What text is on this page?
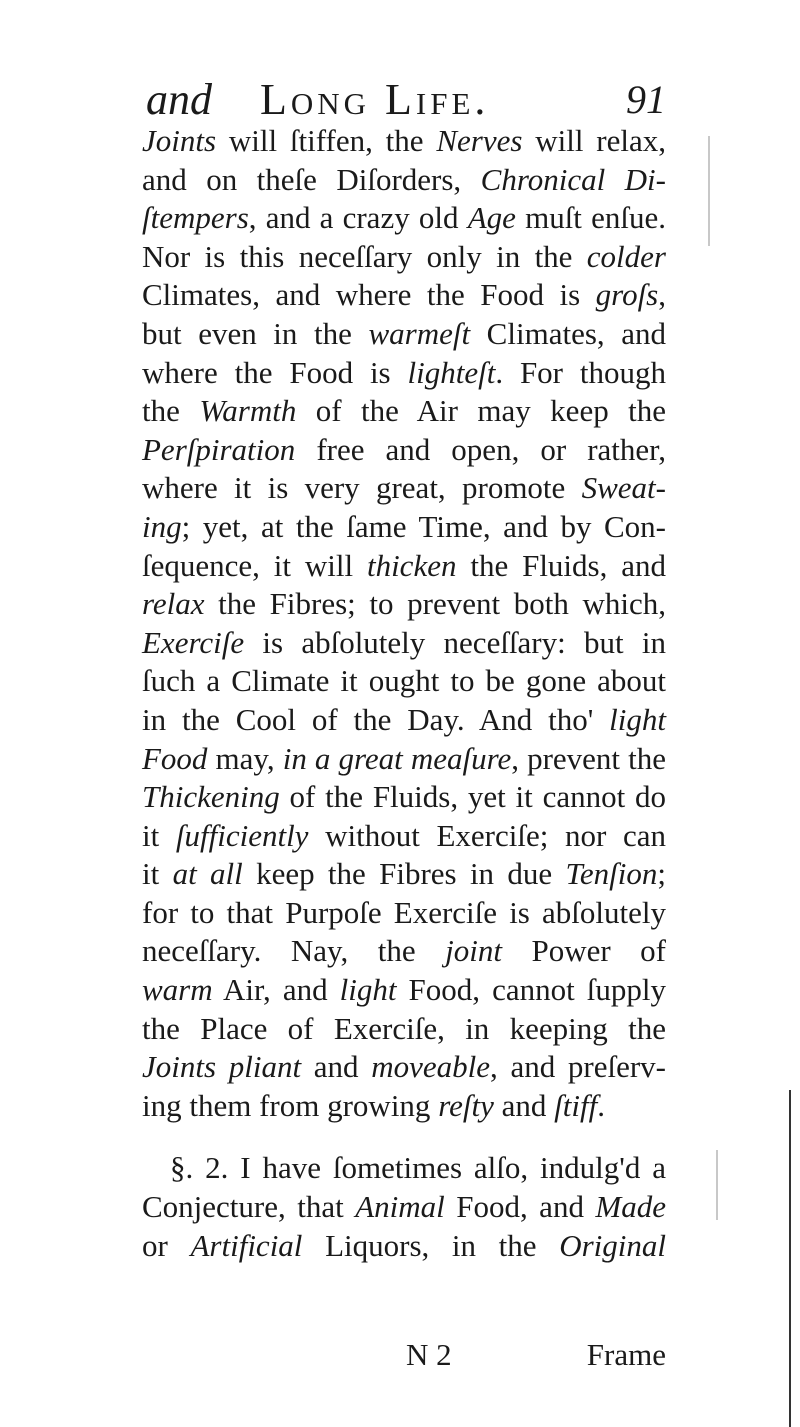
and Long Life.	91
Joints will ſtiffen, the Nerves will relax,
and on theſe Diſorders, Chronical Di-
ſtempers, and a crazy old Age muſt enſue.
Nor is this neceſſary only in the colder
Climates, and where the Food is groſs,
but even in the warmeſt Climates, and
where the Food is lighteſt. For though
the Warmth of the Air may keep the
Perſpiration free and open, or rather,
where it is very great, promote Sweat-
ing; yet, at the ſame Time, and by Con-
ſequence, it will thicken the Fluids, and
relax the Fibres; to prevent both which,
Exerciſe is abſolutely neceſſary: but in
ſuch a Climate it ought to be gone about
in the Cool of the Day. And tho' light
Food may, in a great meaſure, prevent the
Thickening of the Fluids, yet it cannot do
it ſufficiently without Exerciſe; nor can
it at all keep the Fibres in due Tenſion;
for to that Purpoſe Exerciſe is abſolutely
neceſſary. Nay, the joint Power of
warm Air, and light Food, cannot ſupply
the Place of Exerciſe, in keeping the
Joints pliant and moveable, and preſerv-
ing them from growing reſty and ſtiff.
§. 2. I have ſometimes alſo, indulg'd a
Conjecture, that Animal Food, and Made
or Artificial Liquors, in the Original
N 2	Frame
